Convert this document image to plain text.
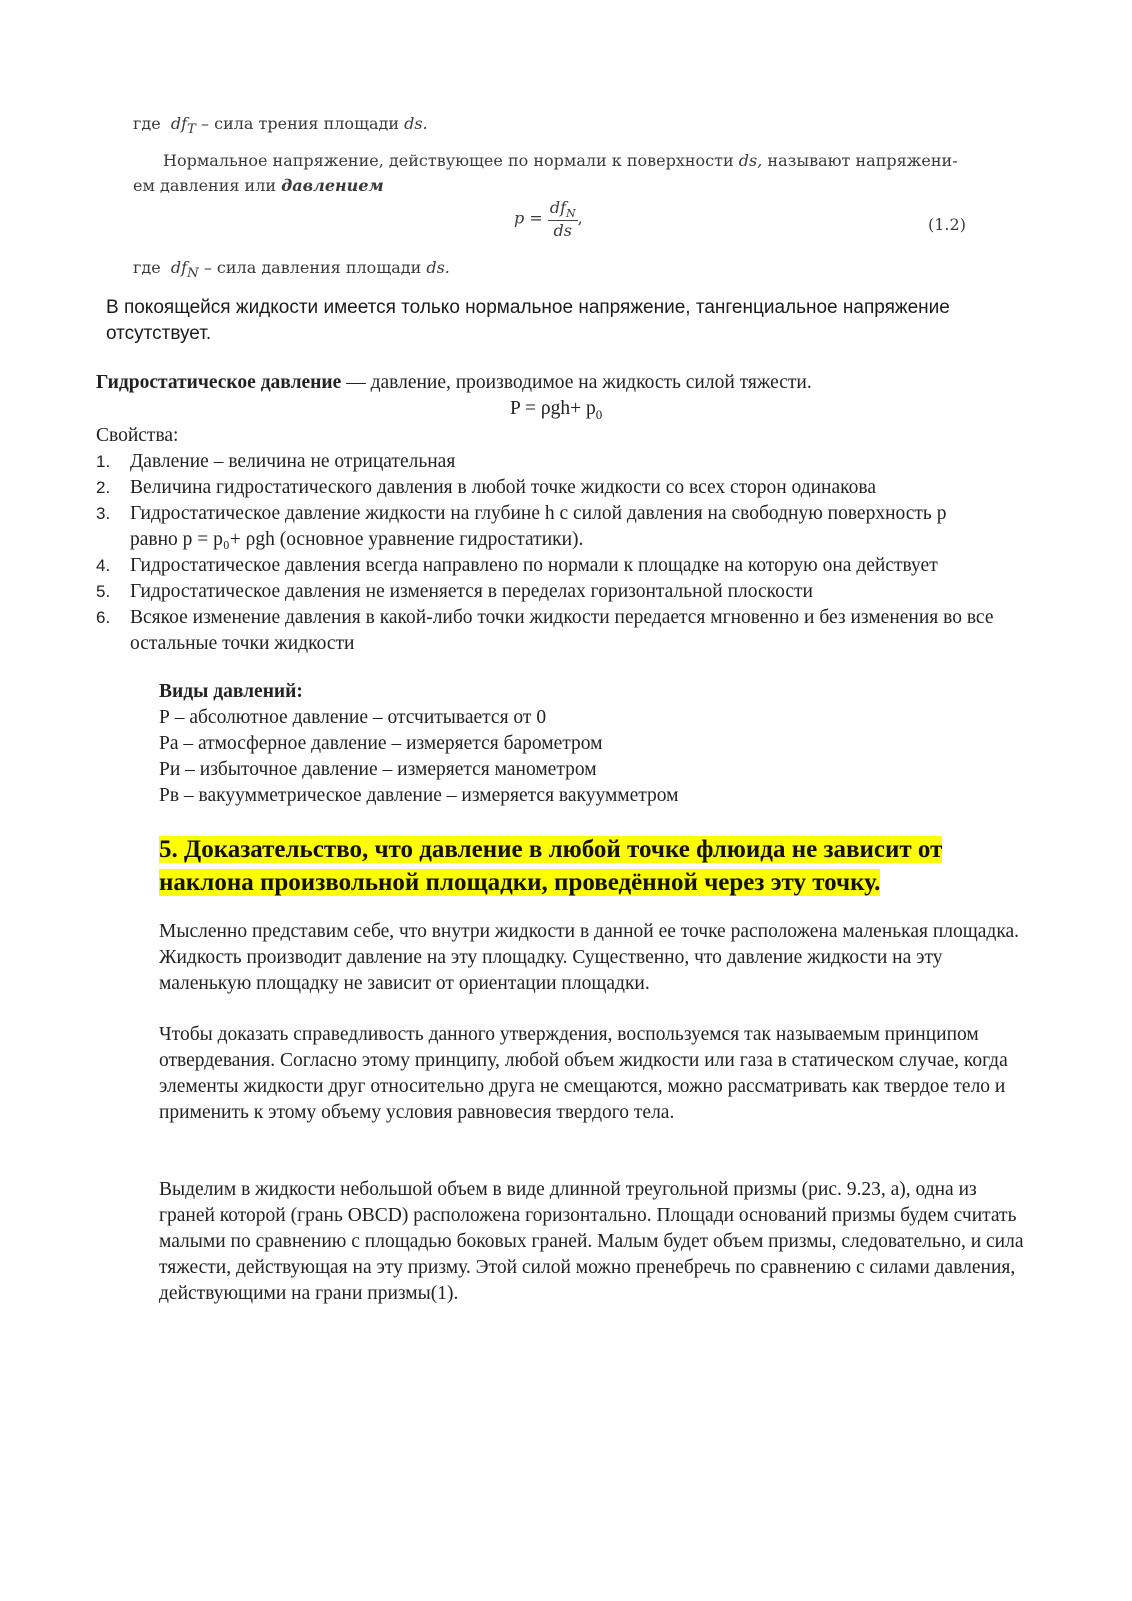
где $df_T$ – сила трения площади ds.
Нормальное напряжение, действующее по нормали к поверхности ds, называют напряжени-
ем давления или давлением
$p = \frac{df_N}{ds}$ ,	(1.2)
где $df_N$ – сила давления площади ds.
В покоящейся жидкости имеется только нормальное напряжение, тангенциальное напряжение отсутствует.
Гидростатическое давление — давление, производимое на жидкость силой тяжести.
$P = \rho gh+ p_0$
Свойства:
1. Давление – величина не отрицательная
2. Величина гидростатического давления в любой точке жидкости со всех сторон одинакова
3. Гидростатическое давление жидкости на глубине h с силой давления на свободную поверхность р равно р = р₀+ ρgh (основное уравнение гидростатики).
4. Гидростатическое давления всегда направлено по нормали к площадке на которую она действует
5. Гидростатическое давления не изменяется в переделах горизонтальной плоскости
6. Всякое изменение давления в какой-либо точки жидкости передается мгновенно и без изменения во все остальные точки жидкости
Виды давлений:
Р – абсолютное давление – отсчитывается от 0
Ра – атмосферное давление – измеряется барометром
Ри – избыточное давление – измеряется манометром
Рв – вакуумметрическое давление – измеряется вакуумметром
5. Доказательство, что давление в любой точке флюида не зависит от наклона произвольной площадки, проведённой через эту точку.

Мысленно представим себе, что внутри жидкости в данной ее точке расположена маленькая площадка. Жидкость производит давление на эту площадку. Существенно, что давление жидкости на эту маленькую площадку не зависит от ориентации площадки.

Чтобы доказать справедливость данного утверждения, воспользуемся так называемым принципом отвердевания. Согласно этому принципу, любой объем жидкости или газа в статическом случае, когда элементы жидкости друг относительно друга не смещаются, можно рассматривать как твердое тело и применить к этому объему условия равновесия твердого тела.

Выделим в жидкости небольшой объем в виде длинной треугольной призмы (рис. 9.23, а), одна из граней которой (грань OBCD) расположена горизонтально. Площади оснований призмы будем считать малыми по сравнению с площадью боковых граней. Малым будет объем призмы, следовательно, и сила тяжести, действующая на эту призму. Этой силой можно пренебречь по сравнению с силами давления, действующими на грани призмы(1).
